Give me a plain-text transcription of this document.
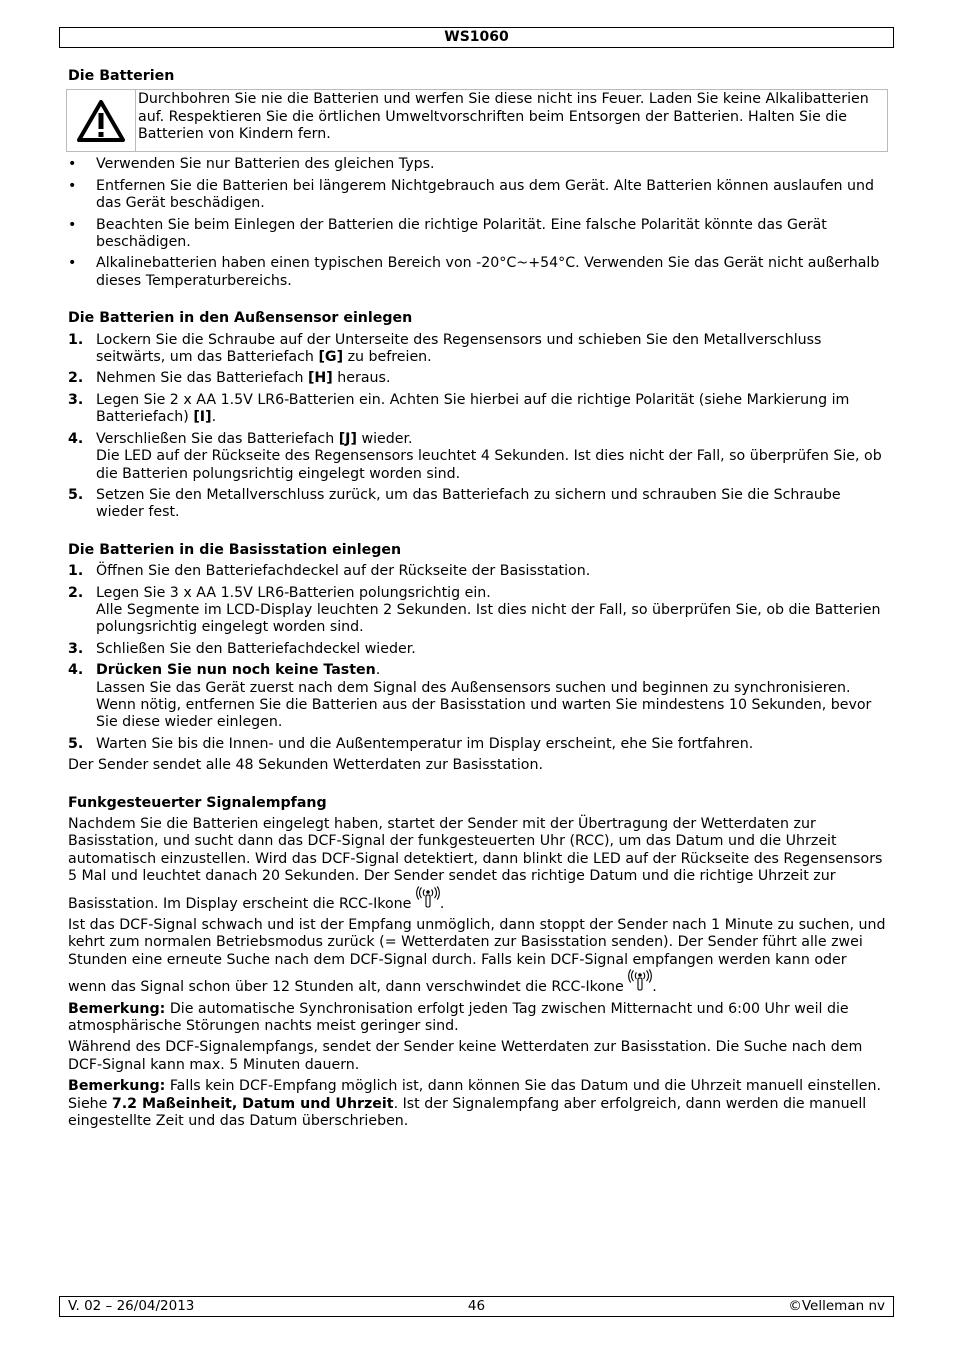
WS1060
Die Batterien
Durchbohren Sie nie die Batterien und werfen Sie diese nicht ins Feuer. Laden Sie keine Alkalibatterien auf. Respektieren Sie die örtlichen Umweltvorschriften beim Entsorgen der Batterien. Halten Sie die Batterien von Kindern fern.
• Verwenden Sie nur Batterien des gleichen Typs.
• Entfernen Sie die Batterien bei längerem Nichtgebrauch aus dem Gerät. Alte Batterien können auslaufen und das Gerät beschädigen.
• Beachten Sie beim Einlegen der Batterien die richtige Polarität. Eine falsche Polarität könnte das Gerät beschädigen.
• Alkalinebatterien haben einen typischen Bereich von -20°C~+54°C. Verwenden Sie das Gerät nicht außerhalb dieses Temperaturbereichs.
Die Batterien in den Außensensor einlegen
1. Lockern Sie die Schraube auf der Unterseite des Regensensors und schieben Sie den Metallverschluss seitwärts, um das Batteriefach [G] zu befreien.
2. Nehmen Sie das Batteriefach [H] heraus.
3. Legen Sie 2 x AA 1.5V LR6-Batterien ein. Achten Sie hierbei auf die richtige Polarität (siehe Markierung im Batteriefach) [I].
4. Verschließen Sie das Batteriefach [J] wieder.
Die LED auf der Rückseite des Regensensors leuchtet 4 Sekunden. Ist dies nicht der Fall, so überprüfen Sie, ob die Batterien polungsrichtig eingelegt worden sind.
5. Setzen Sie den Metallverschluss zurück, um das Batteriefach zu sichern und schrauben Sie die Schraube wieder fest.
Die Batterien in die Basisstation einlegen
1. Öffnen Sie den Batteriefachdeckel auf der Rückseite der Basisstation.
2. Legen Sie 3 x AA 1.5V LR6-Batterien polungsrichtig ein.
Alle Segmente im LCD-Display leuchten 2 Sekunden. Ist dies nicht der Fall, so überprüfen Sie, ob die Batterien polungsrichtig eingelegt worden sind.
3. Schließen Sie den Batteriefachdeckel wieder.
4. Drücken Sie nun noch keine Tasten.
Lassen Sie das Gerät zuerst nach dem Signal des Außensensors suchen und beginnen zu synchronisieren. Wenn nötig, entfernen Sie die Batterien aus der Basisstation und warten Sie mindestens 10 Sekunden, bevor Sie diese wieder einlegen.
5. Warten Sie bis die Innen- und die Außentemperatur im Display erscheint, ehe Sie fortfahren.

Der Sender sendet alle 48 Sekunden Wetterdaten zur Basisstation.

Funkgesteuerter Signalempfang

Nachdem Sie die Batterien eingelegt haben, startet der Sender mit der Übertragung der Wetterdaten zur Basisstation, und sucht dann das DCF-Signal der funkgesteuerten Uhr (RCC), um das Datum und die Uhrzeit automatisch einzustellen. Wird das DCF-Signal detektiert, dann blinkt die LED auf der Rückseite des Regensensors 5 Mal und leuchtet danach 20 Sekunden. Der Sender sendet das richtige Datum und die richtige Uhrzeit zur Basisstation. Im Display erscheint die RCC-Ikone .

Ist das DCF-Signal schwach und ist der Empfang unmöglich, dann stoppt der Sender nach 1 Minute zu suchen, und kehrt zum normalen Betriebsmodus zurück (= Wetterdaten zur Basisstation senden). Der Sender führt alle zwei Stunden eine erneute Suche nach dem DCF-Signal durch. Falls kein DCF-Signal empfangen werden kann oder wenn das Signal schon über 12 Stunden alt, dann verschwindet die RCC-Ikone .

Bemerkung: Die automatische Synchronisation erfolgt jeden Tag zwischen Mitternacht und 6:00 Uhr weil die atmosphärische Störungen nachts meist geringer sind.

Während des DCF-Signalempfangs, sendet der Sender keine Wetterdaten zur Basisstation. Die Suche nach dem DCF-Signal kann max. 5 Minuten dauern.

Bemerkung: Falls kein DCF-Empfang möglich ist, dann können Sie das Datum und die Uhrzeit manuell einstellen. Siehe 7.2 Maßeinheit, Datum und Uhrzeit. Ist der Signalempfang aber erfolgreich, dann werden die manuell eingestellte Zeit und das Datum überschrieben.

V. 02 – 26/04/2013	46	©Velleman nv
